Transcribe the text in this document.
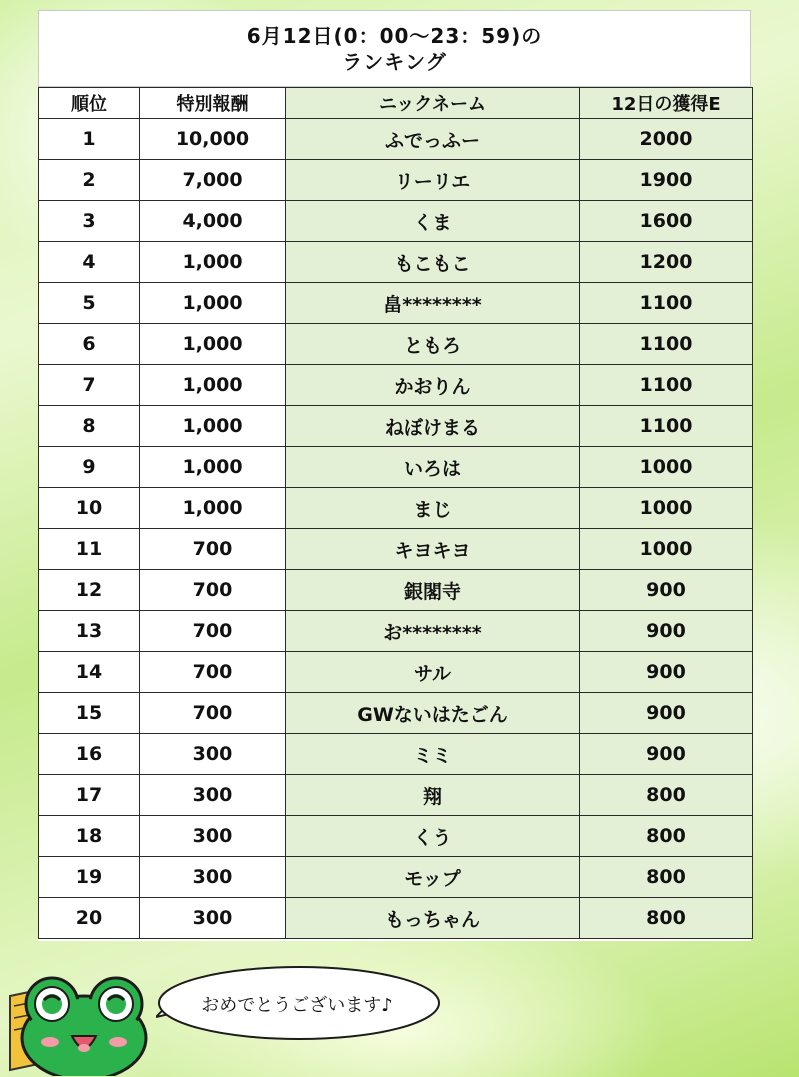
6月12日(0：00～23：59)の
ランキング
順位	特別報酬	ニックネーム	12日の獲得E
1	10,000	ふでっふー	2000
2	7,000	リーリエ	1900
3	4,000	くま	1600
4	1,000	もこもこ	1200
5	1,000	畠********	1100
6	1,000	ともろ	1100
7	1,000	かおりん	1100
8	1,000	ねぼけまる	1100
9	1,000	いろは	1000
10	1,000	まじ	1000
11	700	キヨキヨ	1000
12	700	銀閣寺	900
13	700	お********	900
14	700	サル	900
15	700	GWないはたごん	900
16	300	ミミ	900
17	300	翔	800
18	300	くう	800
19	300	モップ	800
20	300	もっちゃん	800
おめでとうございます♪
